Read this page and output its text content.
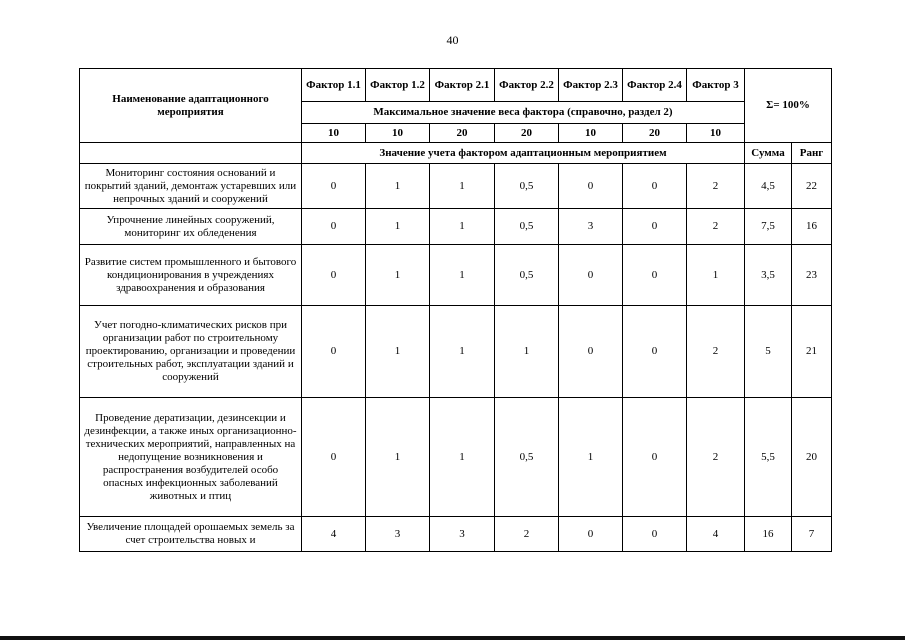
40
Наименование адаптационного мероприятия	Фактор 1.1	Фактор 1.2	Фактор 2.1	Фактор 2.2	Фактор 2.3	Фактор 2.4	Фактор 3	Σ= 100%	
	Максимальное значение веса фактора (справочно, раздел 2)								
	10	10	20	20	10	20	10		
	Значение учета фактором адаптационным мероприятием							Сумма	Ранг
Мониторинг состояния оснований и покрытий зданий, демонтаж устаревших или непрочных зданий и сооружений	0	1	1	0,5	0	0	2	4,5	22
Упрочнение линейных сооружений, мониторинг их обледенения	0	1	1	0,5	3	0	2	7,5	16
Развитие систем промышленного и бытового кондиционирования в учреждениях здравоохранения и образования	0	1	1	0,5	0	0	1	3,5	23
Учет погодно-климатических рисков при организации работ по строительному проектированию, организации и проведении строительных работ, эксплуатации зданий и сооружений	0	1	1	1	0	0	2	5	21
Проведение дератизации, дезинсекции и дезинфекции, а также иных организационно-технических мероприятий, направленных на недопущение возникновения и распространения возбудителей особо опасных инфекционных заболеваний животных и птиц	0	1	1	0,5	1	0	2	5,5	20
Увеличение площадей орошаемых земель за счет строительства новых и	4	3	3	2	0	0	4	16	7
